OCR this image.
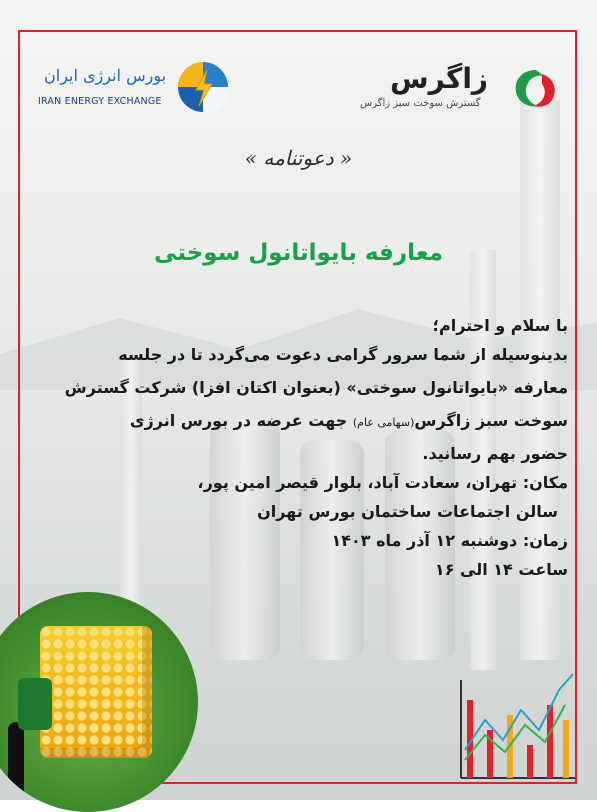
بورس انرژی ایران
IRAN ENERGY EXCHANGE
زاگرس
گسترش سوخت سبز زاگرس
« دعوتنامه »
معارفه بایواتانول سوختی
با سلام و احترام؛
بدینوسیله از شما سرور گرامی دعوت می‌گردد تا در جلسه
معارفه «بایواتانول سوختی» (بعنوان اکتان افزا) شرکت گسترش
سوخت سبز زاگرس(سهامی عام) جهت عرضه در بورس انرژی
حضور بهم رسانید.
مکان: تهران، سعادت آباد، بلوار قیصر امین پور،
سالن اجتماعات ساختمان بورس تهران
زمان: دوشنبه ۱۲ آذر ماه ۱۴۰۳
ساعت ۱۴ الی ۱۶
